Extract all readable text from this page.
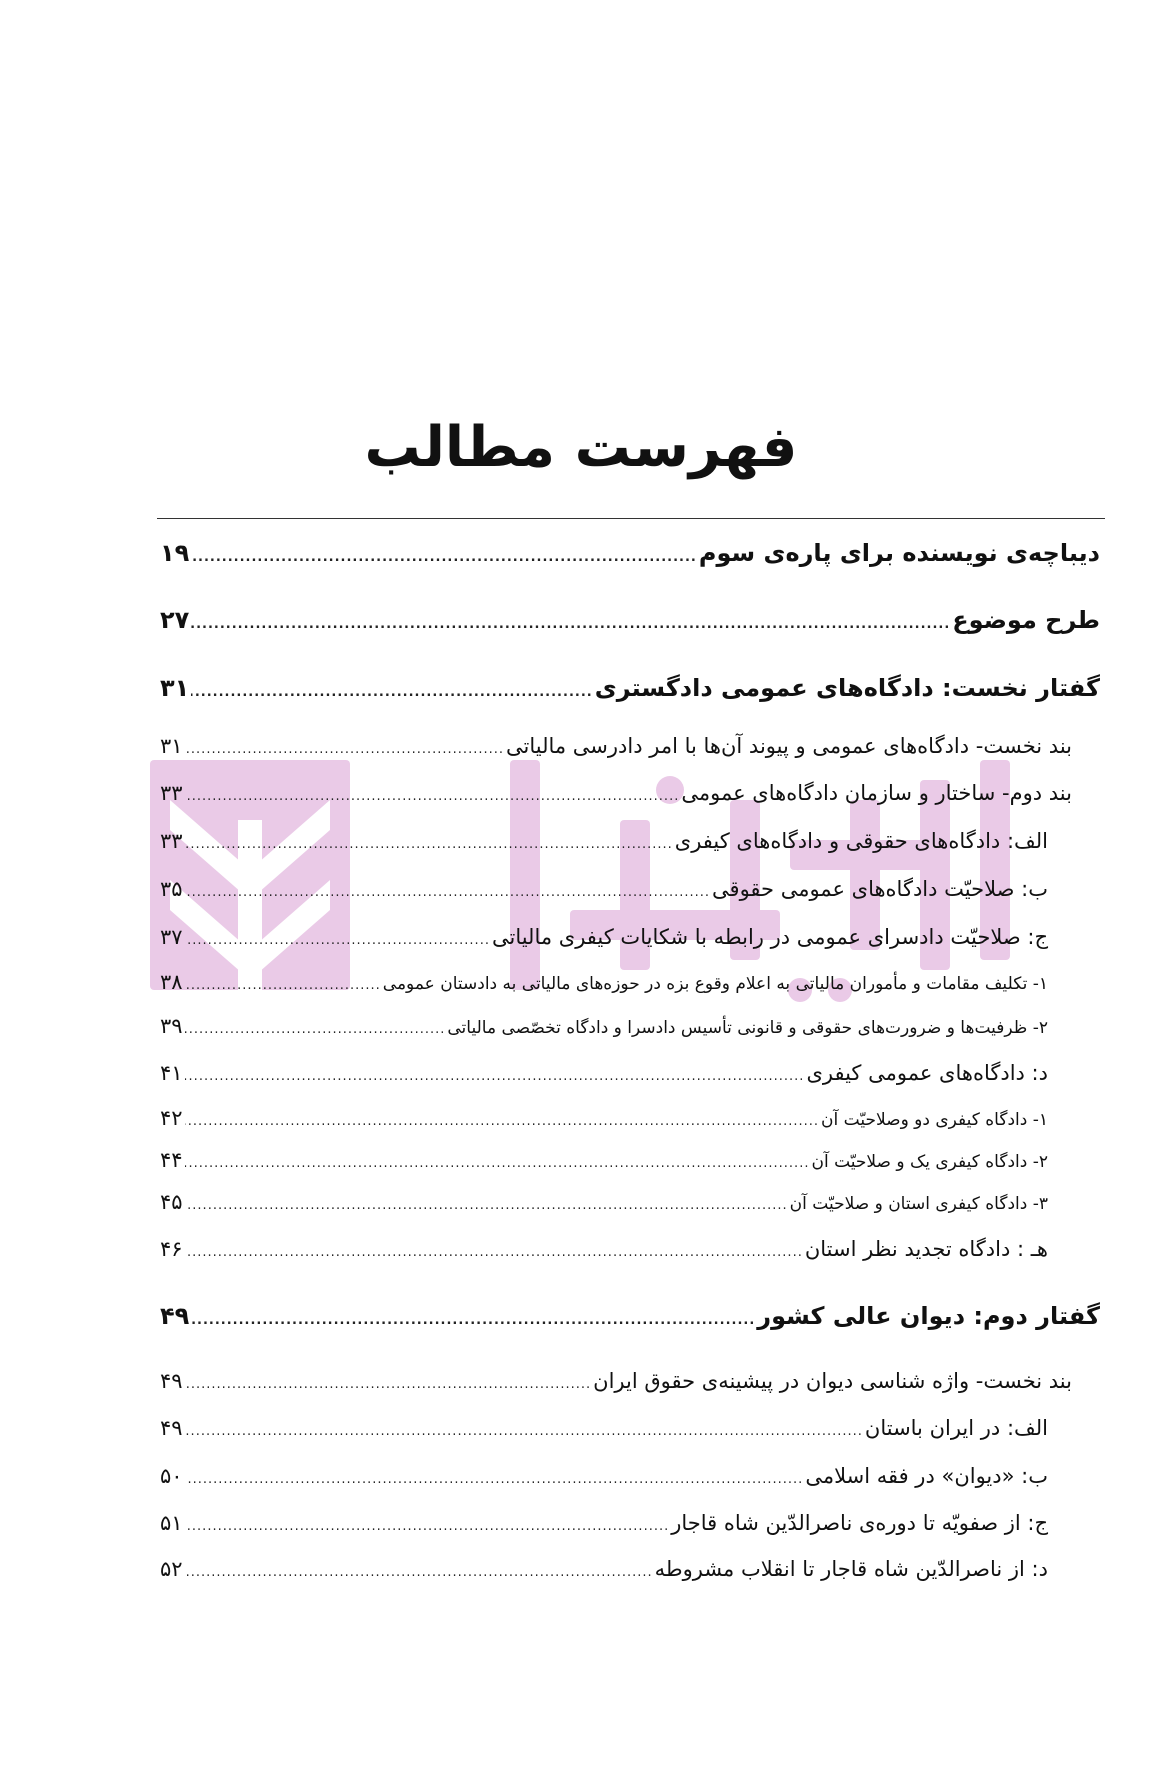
فهرست مطالب
دیباچه‌ی نویسنده برای پاره‌ی سوم
.....
۱۹
طرح موضوع
.....
۲۷
گفتار نخست: دادگاه‌های عمومی دادگستری
.....
۳۱
بند نخست- دادگاه‌های عمومی و پیوند آن‌ها با امر دادرسی مالیاتی
.....
۳۱
بند دوم- ساختار و سازمان دادگاه‌های عمومی
.....
۳۳
الف: دادگاه‌های حقوقی و دادگاه‌های کیفری
.....
۳۳
ب: صلاحیّت دادگاه‌های عمومی حقوقی
.....
۳۵
ج: صلاحیّت دادسرای عمومی در رابطه با شکایات کیفری مالیاتی
.....
۳۷
۱- تکلیف مقامات و مأموران مالیاتی به اعلام وقوع بزه در حوزه‌های مالیاتی به دادستان عمومی
.....
۳۸
۲- ظرفیت‌ها و ضرورت‌های حقوقی و قانونی تأسیس دادسرا و دادگاه تخصّصی مالیاتی
.....
۳۹
د: دادگاه‌های عمومی کیفری
.....
۴۱
۱- دادگاه کیفری دو وصلاحیّت آن
.....
۴۲
۲- دادگاه کیفری یک و صلاحیّت آن
.....
۴۴
۳- دادگاه کیفری استان و صلاحیّت آن
.....
۴۵
هـ : دادگاه تجدید نظر استان
.....
۴۶
گفتار دوم: دیوان عالی کشور
.....
۴۹
بند نخست- واژه شناسی دیوان در پیشینه‌ی حقوق ایران
.....
۴۹
الف: در ایران باستان
.....
۴۹
ب: «دیوان» در فقه اسلامی
.....
۵۰
ج: از صفویّه تا دوره‌ی ناصرالدّین شاه قاجار
.....
۵۱
د: از ناصرالدّین شاه قاجار تا انقلاب مشروطه
.....
۵۲
